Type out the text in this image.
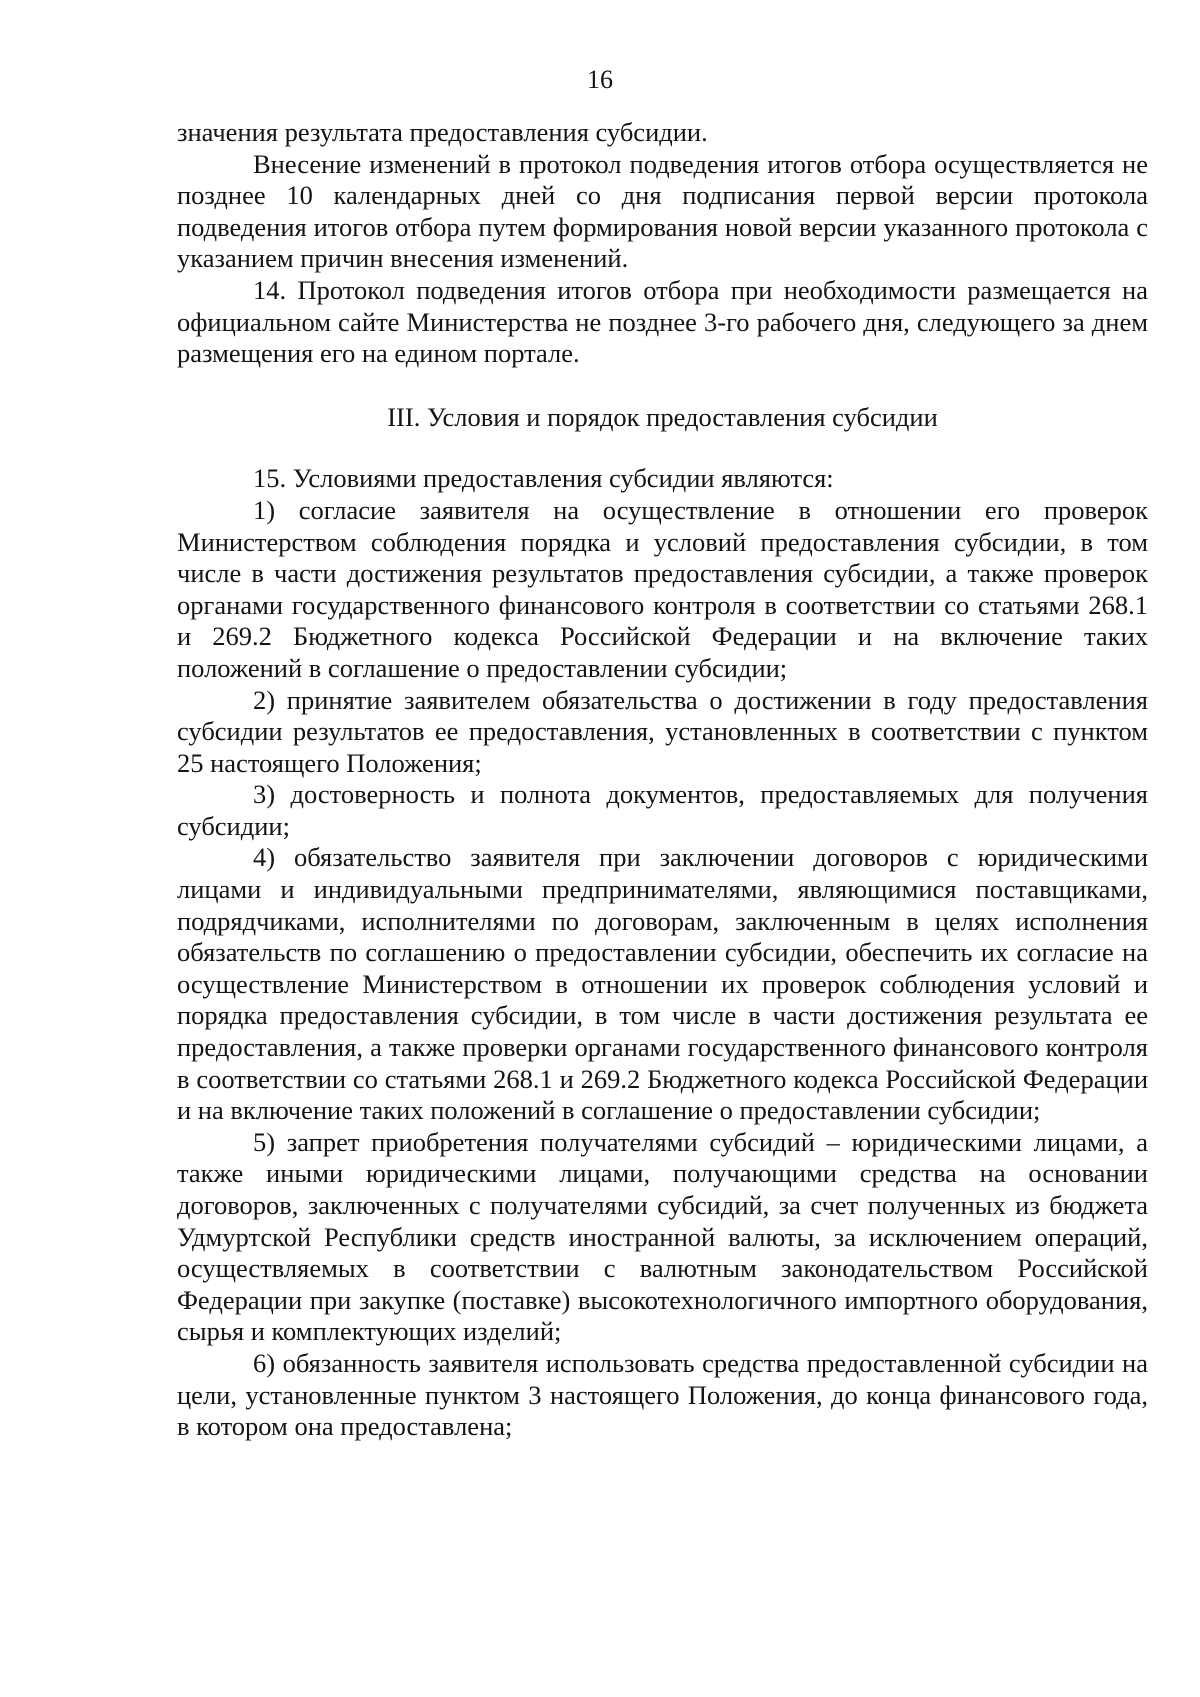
16

значения результата предоставления субсидии.

Внесение изменений в протокол подведения итогов отбора осуществляется не позднее 10 календарных дней со дня подписания первой версии протокола подведения итогов отбора путем формирования новой версии указанного протокола с указанием причин внесения изменений.

14. Протокол подведения итогов отбора при необходимости размещается на официальном сайте Министерства не позднее 3-го рабочего дня, следующего за днем размещения его на едином портале.

III. Условия и порядок предоставления субсидии

15. Условиями предоставления субсидии являются:

1) согласие заявителя на осуществление в отношении его проверок Министерством соблюдения порядка и условий предоставления субсидии, в том числе в части достижения результатов предоставления субсидии, а также проверок органами государственного финансового контроля в соответствии со статьями 268.1 и 269.2 Бюджетного кодекса Российской Федерации и на включение таких положений в соглашение о предоставлении субсидии;

2) принятие заявителем обязательства о достижении в году предоставления субсидии результатов ее предоставления, установленных в соответствии с пунктом 25 настоящего Положения;

3) достоверность и полнота документов, предоставляемых для получения субсидии;

4) обязательство заявителя при заключении договоров с юридическими лицами и индивидуальными предпринимателями, являющимися поставщиками, подрядчиками, исполнителями по договорам, заключенным в целях исполнения обязательств по соглашению о предоставлении субсидии, обеспечить их согласие на осуществление Министерством в отношении их проверок соблюдения условий и порядка предоставления субсидии, в том числе в части достижения результата ее предоставления, а также проверки органами государственного финансового контроля в соответствии со статьями 268.1 и 269.2 Бюджетного кодекса Российской Федерации и на включение таких положений в соглашение о предоставлении субсидии;

5) запрет приобретения получателями субсидий – юридическими лицами, а также иными юридическими лицами, получающими средства на основании договоров, заключенных с получателями субсидий, за счет полученных из бюджета Удмуртской Республики средств иностранной валюты, за исключением операций, осуществляемых в соответствии с валютным законодательством Российской Федерации при закупке (поставке) высокотехнологичного импортного оборудования, сырья и комплектующих изделий;

6) обязанность заявителя использовать средства предоставленной субсидии на цели, установленные пунктом 3 настоящего Положения, до конца финансового года, в котором она предоставлена;
